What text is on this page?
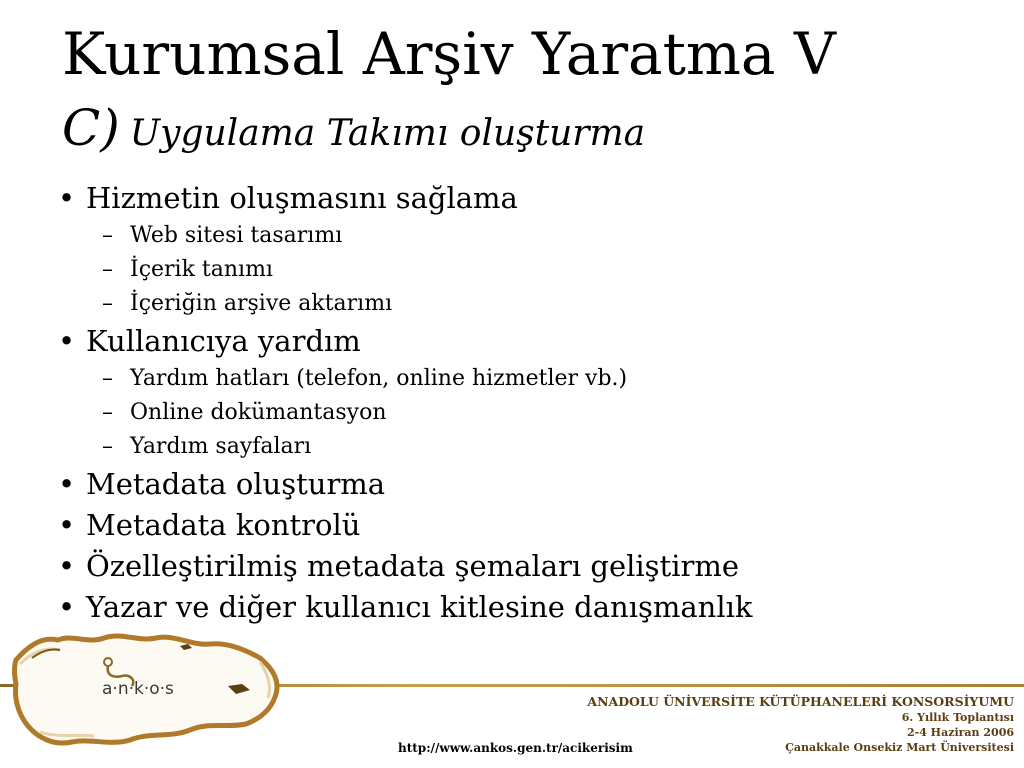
Kurumsal Arşiv Yaratma V
C) Uygulama Takımı oluşturma
• Hizmetin oluşmasını sağlama
– Web sitesi tasarımı
– İçerik tanımı
– İçeriğin arşive aktarımı
• Kullanıcıya yardım
– Yardım hatları (telefon, online hizmetler vb.)
– Online dokümantasyon
– Yardım sayfaları
• Metadata oluşturma
• Metadata kontrolü
• Özelleştirilmiş metadata şemaları geliştirme
• Yazar ve diğer kullanıcı kitlesine danışmanlık
a·n·k·o·s
ANADOLU ÜNİVERSİTE KÜTÜPHANELERİ KONSORSİYUMU
6. Yıllık Toplantısı
2-4 Haziran 2006
Çanakkale Onsekiz Mart Üniversitesi
http://www.ankos.gen.tr/acikerisim
